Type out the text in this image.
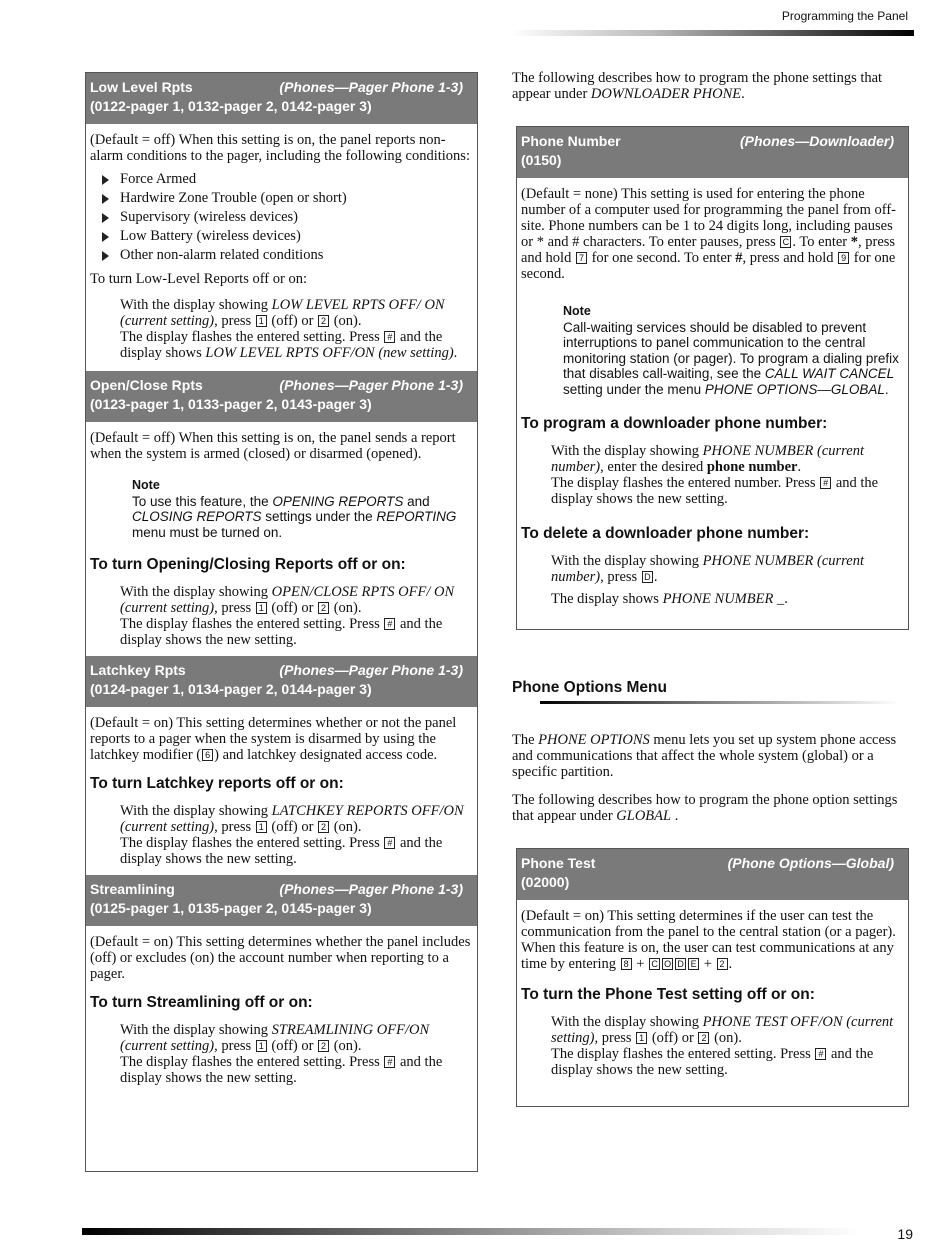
Programming the Panel
Low Level Rpts	(Phones—Pager Phone 1-3)
(0122-pager 1, 0132-pager 2, 0142-pager 3)

(Default = off) When this setting is on, the panel reports non-alarm conditions to the pager, including the following conditions:

Force Armed
Hardwire Zone Trouble (open or short)
Supervisory (wireless devices)
Low Battery (wireless devices)
Other non-alarm related conditions

To turn Low-Level Reports off or on:

With the display showing LOW LEVEL RPTS OFF/ ON (current setting), press 1 (off) or 2 (on).
The display flashes the entered setting. Press # and the display shows LOW LEVEL RPTS OFF/ON (new setting).
Open/Close Rpts	(Phones—Pager Phone 1-3)
(0123-pager 1, 0133-pager 2, 0143-pager 3)

(Default = off) When this setting is on, the panel sends a report when the system is armed (closed) or disarmed (opened).

Note
To use this feature, the OPENING REPORTS and CLOSING REPORTS settings under the REPORTING menu must be turned on.
To turn Opening/Closing Reports off or on:
With the display showing OPEN/CLOSE RPTS OFF/ ON (current setting), press 1 (off) or 2 (on).
The display flashes the entered setting. Press # and the display shows the new setting.
Latchkey Rpts	(Phones—Pager Phone 1-3)
(0124-pager 1, 0134-pager 2, 0144-pager 3)

(Default = on) This setting determines whether or not the panel reports to a pager when the system is disarmed by using the latchkey modifier ( 6 ) and latchkey designated access code.

To turn Latchkey reports off or on:
With the display showing LATCHKEY REPORTS OFF/ON (current setting), press 1 (off) or 2 (on).
The display flashes the entered setting. Press # and the display shows the new setting.
Streamlining	(Phones—Pager Phone 1-3)
(0125-pager 1, 0135-pager 2, 0145-pager 3)

(Default = on) This setting determines whether the panel includes (off) or excludes (on) the account number when reporting to a pager.

To turn Streamlining off or on:
With the display showing STREAMLINING OFF/ON (current setting), press 1 (off) or 2 (on).
The display flashes the entered setting. Press # and the display shows the new setting.

The following describes how to program the phone settings that appear under DOWNLOADER PHONE.

Phone Number	(Phones—Downloader)
(0150)

(Default = none) This setting is used for entering the phone number of a computer used for programming the panel from off-site. Phone numbers can be 1 to 24 digits long, including pauses or * and # characters. To enter pauses, press C . To enter *, press and hold 7 for one second. To enter #, press and hold 9 for one second.

Note
Call-waiting services should be disabled to prevent interruptions to panel communication to the central monitoring station (or pager). To program a dialing prefix that disables call-waiting, see the CALL WAIT CANCEL setting under the menu PHONE OPTIONS—GLOBAL.
To program a downloader phone number:
With the display showing PHONE NUMBER (current number), enter the desired phone number.
The display flashes the entered number. Press # and the display shows the new setting.
To delete a downloader phone number:

With the display showing PHONE NUMBER (current number), press D .

The display shows PHONE NUMBER _.

Phone Options Menu

The PHONE OPTIONS menu lets you set up system phone access and communications that affect the whole system (global) or a specific partition.

The following describes how to program the phone option settings that appear under GLOBAL .

Phone Test	(Phone Options—Global)
(02000)

(Default = on) This setting determines if the user can test the communication from the panel to the central station (or a pager). When this feature is on, the user can test communications at any time by entering 8 + C O D E + 2 .

To turn the Phone Test setting off or on:
With the display showing PHONE TEST OFF/ON (current setting), press 1 (off) or 2 (on).
The display flashes the entered setting. Press # and the display shows the new setting.
19
